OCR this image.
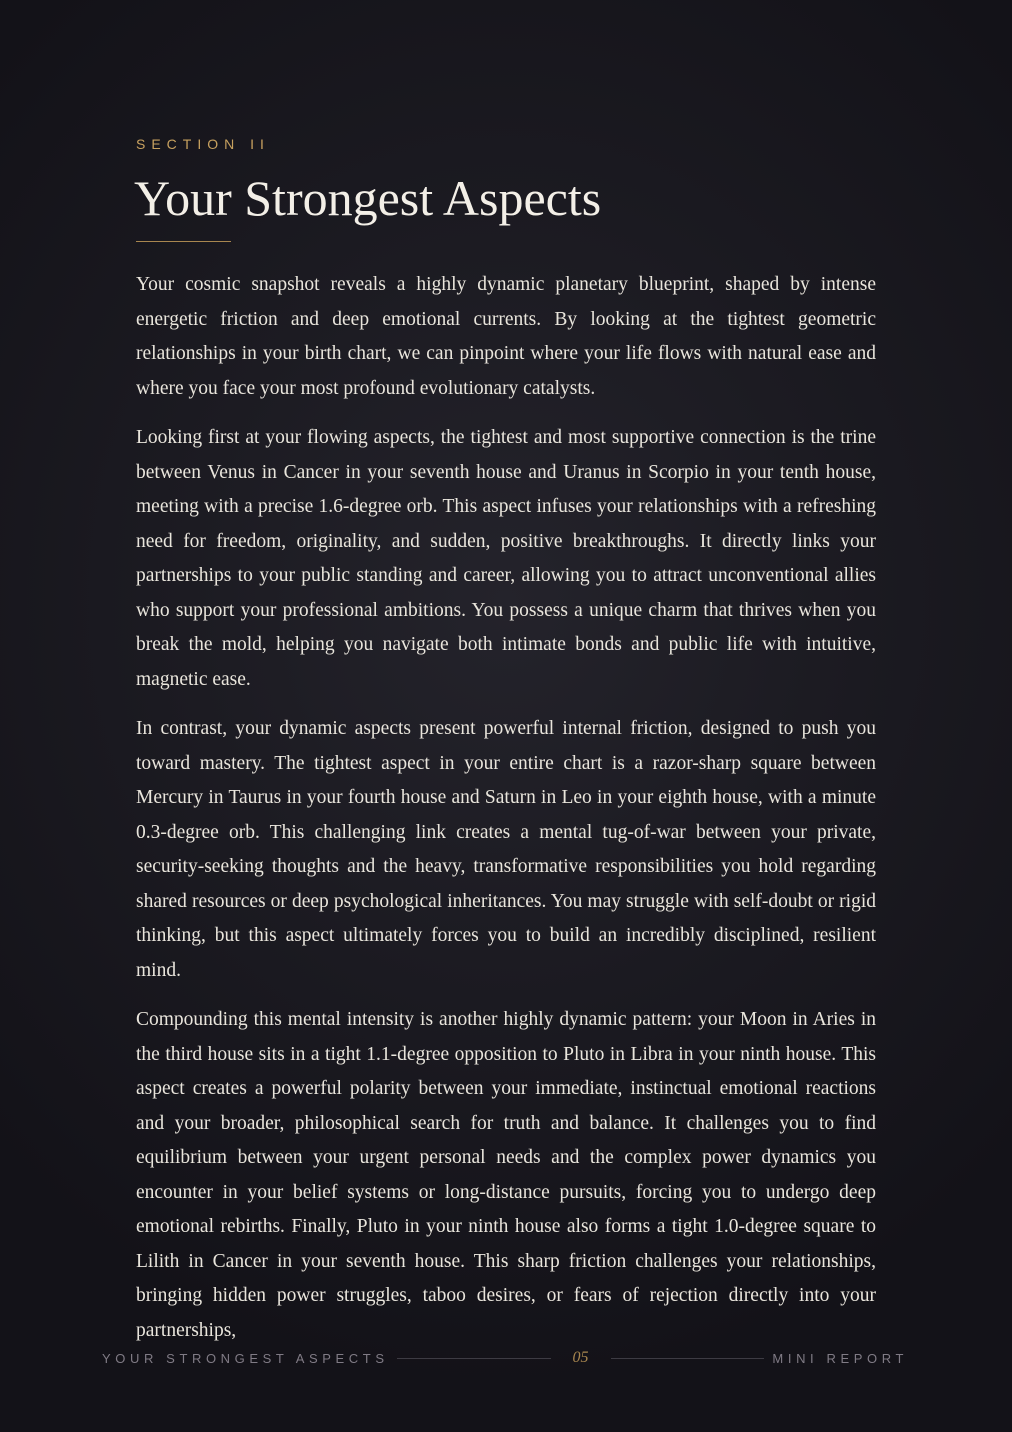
SECTION II
Your Strongest Aspects

Your cosmic snapshot reveals a highly dynamic planetary blueprint, shaped by intense energetic friction and deep emotional currents. By looking at the tightest geometric relationships in your birth chart, we can pinpoint where your life flows with natural ease and where you face your most profound evolutionary catalysts.

Looking first at your flowing aspects, the tightest and most supportive connection is the trine between Venus in Cancer in your seventh house and Uranus in Scorpio in your tenth house, meeting with a precise 1.6-degree orb. This aspect infuses your relationships with a refreshing need for freedom, originality, and sudden, positive breakthroughs. It directly links your partnerships to your public standing and career, allowing you to attract unconventional allies who support your professional ambitions. You possess a unique charm that thrives when you break the mold, helping you navigate both intimate bonds and public life with intuitive, magnetic ease.

In contrast, your dynamic aspects present powerful internal friction, designed to push you toward mastery. The tightest aspect in your entire chart is a razor-sharp square between Mercury in Taurus in your fourth house and Saturn in Leo in your eighth house, with a minute 0.3-degree orb. This challenging link creates a mental tug-of-war between your private, security-seeking thoughts and the heavy, transformative responsibilities you hold regarding shared resources or deep psychological inheritances. You may struggle with self-doubt or rigid thinking, but this aspect ultimately forces you to build an incredibly disciplined, resilient mind.

Compounding this mental intensity is another highly dynamic pattern: your Moon in Aries in the third house sits in a tight 1.1-degree opposition to Pluto in Libra in your ninth house. This aspect creates a powerful polarity between your immediate, instinctual emotional reactions and your broader, philosophical search for truth and balance. It challenges you to find equilibrium between your urgent personal needs and the complex power dynamics you encounter in your belief systems or long-distance pursuits, forcing you to undergo deep emotional rebirths. Finally, Pluto in your ninth house also forms a tight 1.0-degree square to Lilith in Cancer in your seventh house. This sharp friction challenges your relationships, bringing hidden power struggles, taboo desires, or fears of rejection directly into your partnerships,

YOUR STRONGEST ASPECTS	05	MINI REPORT
